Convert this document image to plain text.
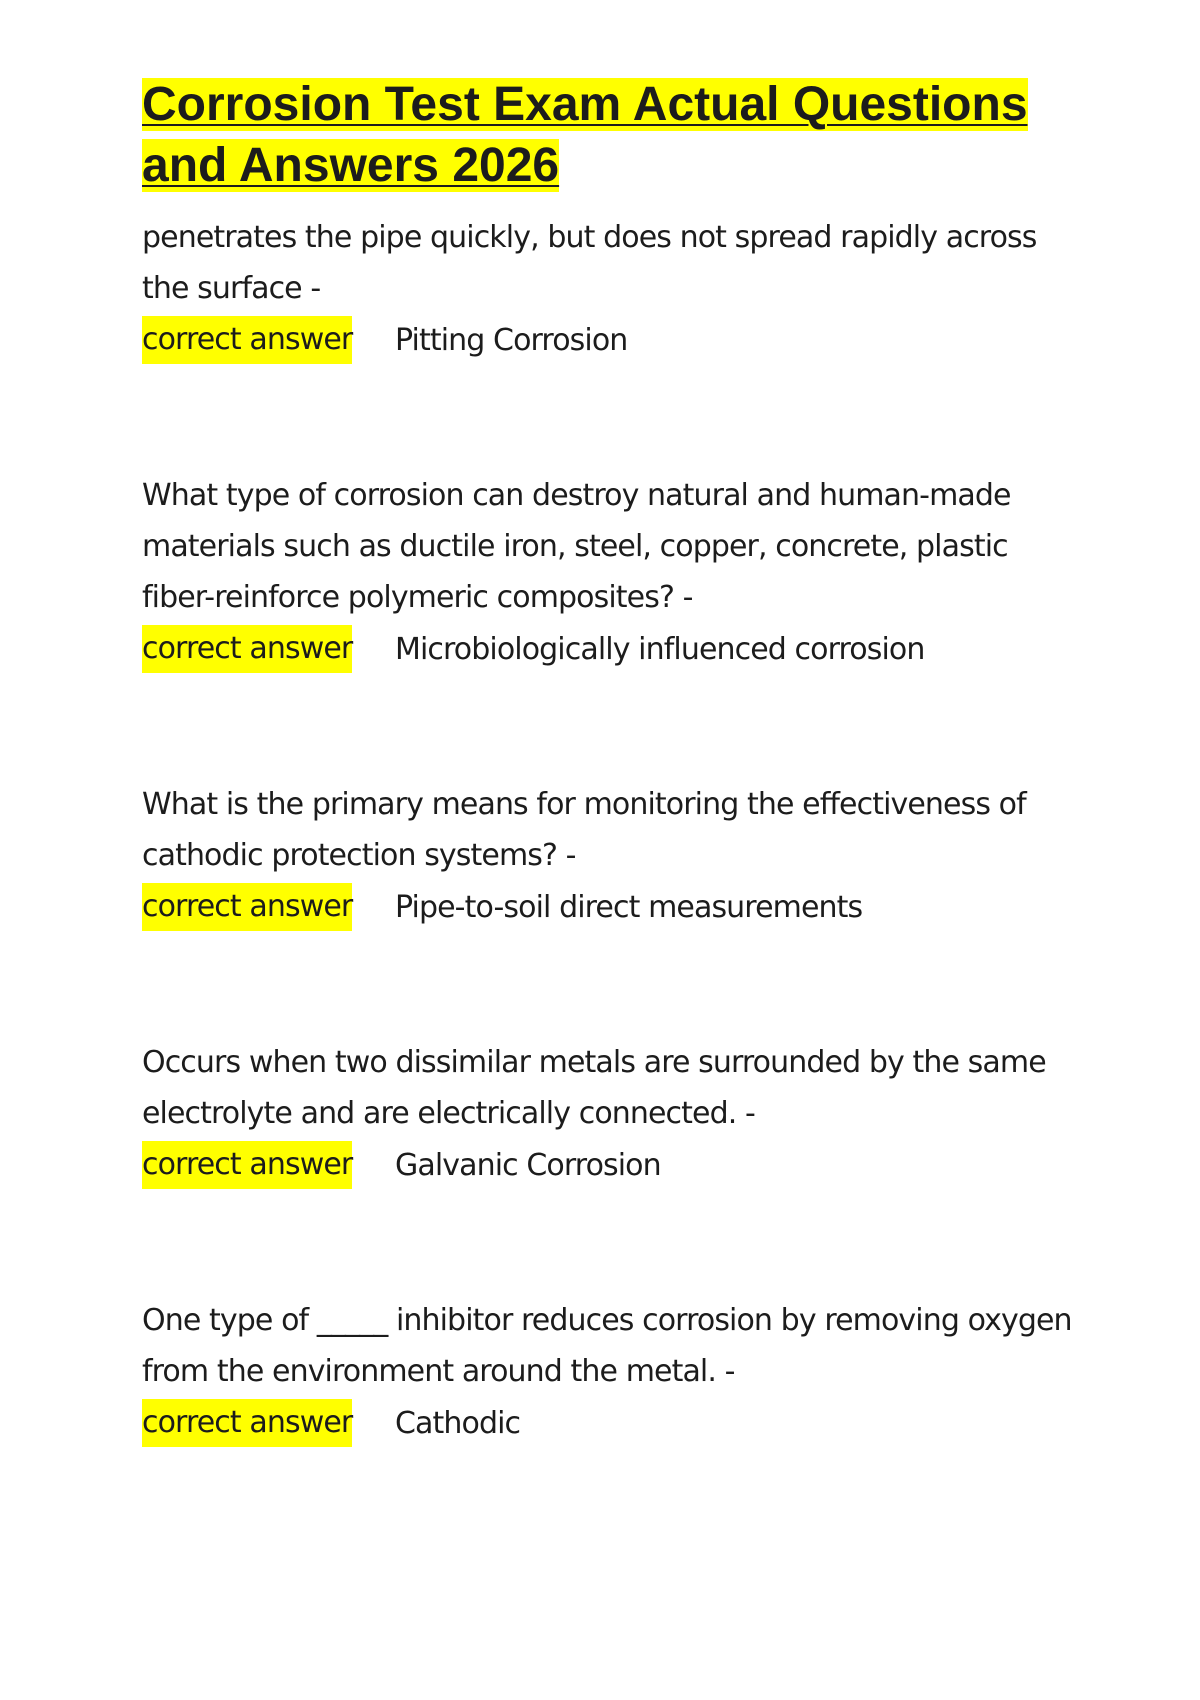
Corrosion Test Exam Actual Questions
and Answers 2026

penetrates the pipe quickly, but does not spread rapidly across the surface -

correct answer Pitting Corrosion

What type of corrosion can destroy natural and human-made materials such as ductile iron, steel, copper, concrete, plastic fiber-reinforce polymeric composites? -

correct answer Microbiologically influenced corrosion

What is the primary means for monitoring the effectiveness of cathodic protection systems? -

correct answer Pipe-to-soil direct measurements

Occurs when two dissimilar metals are surrounded by the same electrolyte and are electrically connected. -

correct answer Galvanic Corrosion

One type of _____ inhibitor reduces corrosion by removing oxygen from the environment around the metal. -

correct answer Cathodic
